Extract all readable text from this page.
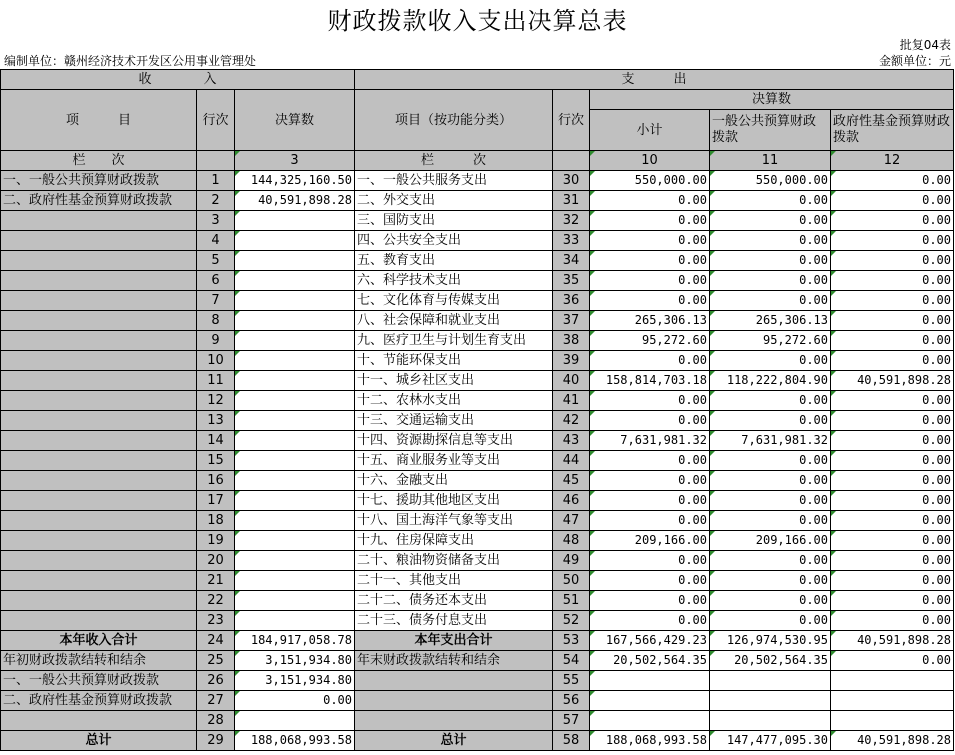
财政拨款收入支出决算总表
批复04表
编制单位：赣州经济技术开发区公用事业管理处	金额单位：元
收　　　　入			支　　　出				
项　　　目	行次	决算数	项目（按功能分类）	行次	决算数		
					小计	一般公共预算财政拨款	政府性基金预算财政拨款

栏　　次		3	栏　　　次		10	11	12
一、一般公共预算财政拨款	1	144,325,160.50	一、一般公共服务支出	30	550,000.00	550,000.00	0.00
二、政府性基金预算财政拨款	2	40,591,898.28	二、外交支出	31	0.00	0.00	0.00
	3		三、国防支出	32	0.00	0.00	0.00
	4		四、公共安全支出	33	0.00	0.00	0.00
	5		五、教育支出	34	0.00	0.00	0.00
	6		六、科学技术支出	35	0.00	0.00	0.00
	7		七、文化体育与传媒支出	36	0.00	0.00	0.00
	8		八、社会保障和就业支出	37	265,306.13	265,306.13	0.00
	9		九、医疗卫生与计划生育支出	38	95,272.60	95,272.60	0.00
	10		十、节能环保支出	39	0.00	0.00	0.00
	11		十一、城乡社区支出	40	158,814,703.18	118,222,804.90	40,591,898.28
	12		十二、农林水支出	41	0.00	0.00	0.00
	13		十三、交通运输支出	42	0.00	0.00	0.00
	14		十四、资源勘探信息等支出	43	7,631,981.32	7,631,981.32	0.00
	15		十五、商业服务业等支出	44	0.00	0.00	0.00
	16		十六、金融支出	45	0.00	0.00	0.00
	17		十七、援助其他地区支出	46	0.00	0.00	0.00
	18		十八、国土海洋气象等支出	47	0.00	0.00	0.00
	19		十九、住房保障支出	48	209,166.00	209,166.00	0.00
	20		二十、粮油物资储备支出	49	0.00	0.00	0.00
	21		二十一、其他支出	50	0.00	0.00	0.00
	22		二十二、债务还本支出	51	0.00	0.00	0.00
	23		二十三、债务付息支出	52	0.00	0.00	0.00
本年收入合计	24	184,917,058.78	本年支出合计	53	167,566,429.23	126,974,530.95	40,591,898.28
年初财政拨款结转和结余	25	3,151,934.80	年末财政拨款结转和结余	54	20,502,564.35	20,502,564.35	0.00
一、一般公共预算财政拨款	26	3,151,934.80		55			
二、政府性基金预算财政拨款	27	0.00		56			
	28			57			
总计	29	188,068,993.58	总计	58	188,068,993.58	147,477,095.30	40,591,898.28
